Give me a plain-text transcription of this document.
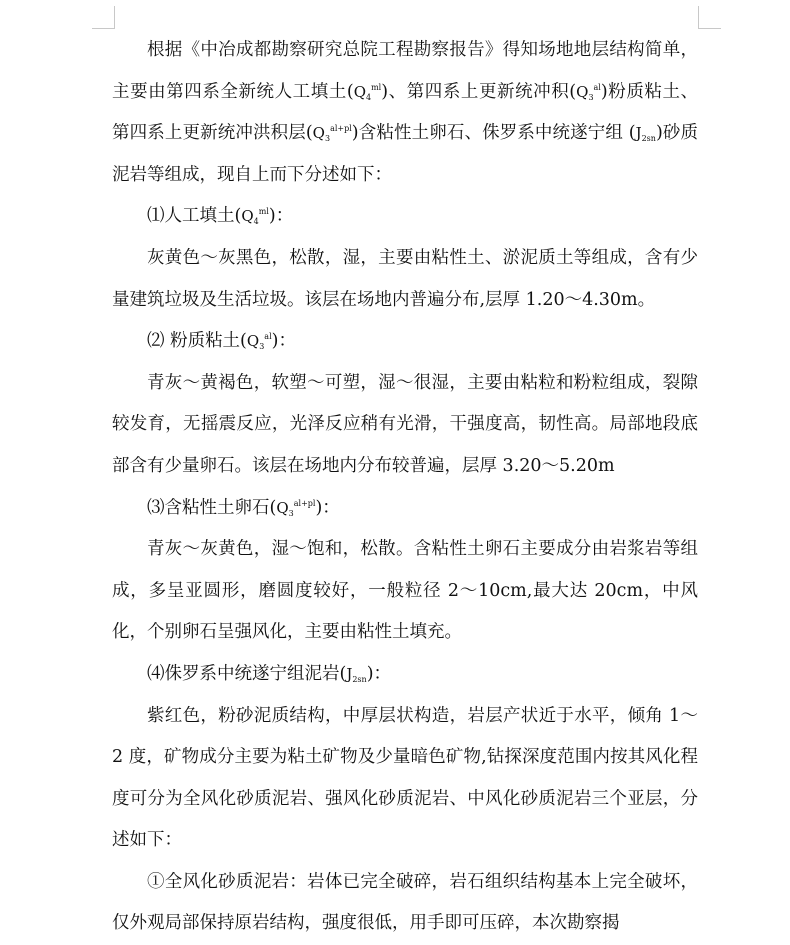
根据《中冶成都勘察研究总院工程勘察报告》得知场地地层结构简单，主要由第四系全新统人工填土$(Q_4^{ml})$、第四系上更新统冲积$(Q_3^{al})$粉质粘土、第四系上更新统冲洪积层$(Q_3^{al+pl})$含粘性土卵石、侏罗系中统遂宁组 $(J_{2sn})$砂质泥岩等组成，现自上而下分述如下：

⑴人工填土$(Q_4^{ml})$：

灰黄色～灰黑色，松散，湿，主要由粘性土、淤泥质土等组成，含有少量建筑垃圾及生活垃圾。该层在场地内普遍分布,层厚 1.20～4.30m。

⑵ 粉质粘土$(Q_3^{al})$：

青灰～黄褐色，软塑～可塑，湿～很湿，主要由粘粒和粉粒组成，裂隙较发育，无摇震反应，光泽反应稍有光滑，干强度高，韧性高。局部地段底部含有少量卵石。该层在场地内分布较普遍，层厚 3.20～5.20m

⑶含粘性土卵石$(Q_3^{al+pl})$：

青灰～灰黄色，湿～饱和，松散。含粘性土卵石主要成分由岩浆岩等组成，多呈亚圆形，磨圆度较好，一般粒径 2～10cm,最大达 20cm，中风化，个别卵石呈强风化，主要由粘性土填充。

⑷侏罗系中统遂宁组泥岩$(J_{2sn})$：

紫红色，粉砂泥质结构，中厚层状构造，岩层产状近于水平，倾角 1～2 度，矿物成分主要为粘土矿物及少量暗色矿物,钻探深度范围内按其风化程度可分为全风化砂质泥岩、强风化砂质泥岩、中风化砂质泥岩三个亚层，分述如下：

①全风化砂质泥岩：岩体已完全破碎，岩石组织结构基本上完全破坏，仅外观局部保持原岩结构，强度很低，用手即可压碎，本次勘察揭
